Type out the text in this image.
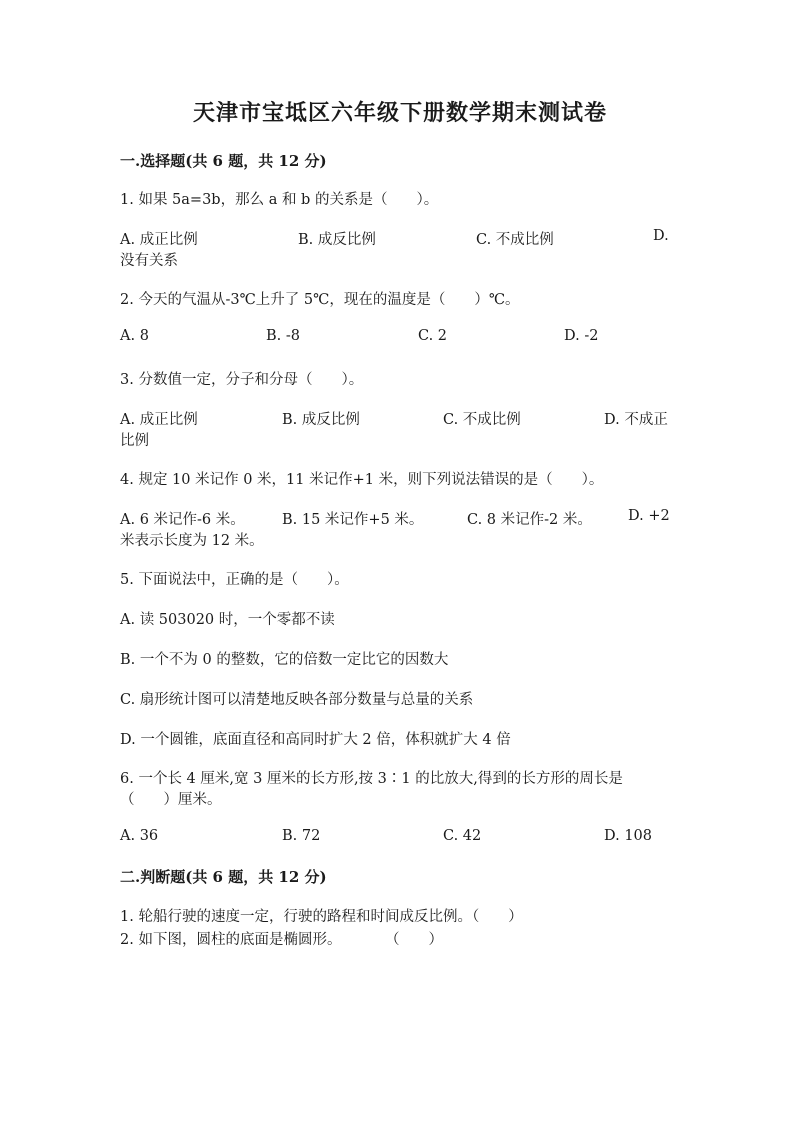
天津市宝坻区六年级下册数学期末测试卷
一.选择题(共 6 题，共 12 分)
1. 如果 5a=3b，那么 a 和 b 的关系是（　　）。
A. 成正比例	B. 成反比例	C. 不成比例	D.
没有关系
2. 今天的气温从-3℃上升了 5℃，现在的温度是（　　）℃。
A. 8	B. -8	C. 2	D. -2
3. 分数值一定，分子和分母（　　）。
A. 成正比例	B. 成反比例	C. 不成比例	D. 不成正
比例
4. 规定 10 米记作 0 米，11 米记作+1 米，则下列说法错误的是（　　）。
A. 6 米记作-6 米。	B. 15 米记作+5 米。	C. 8 米记作-2 米。 D. +2
米表示长度为 12 米。
5. 下面说法中，正确的是（　　）。
A. 读 503020 时，一个零都不读
B. 一个不为 0 的整数，它的倍数一定比它的因数大
C. 扇形统计图可以清楚地反映各部分数量与总量的关系
D. 一个圆锥，底面直径和高同时扩大 2 倍，体积就扩大 4 倍
6. 一个长 4 厘米,宽 3 厘米的长方形,按 3∶1 的比放大,得到的长方形的周长是
（　　）厘米。
A. 36	B. 72	C. 42	D. 108
二.判断题(共 6 题，共 12 分)
1. 轮船行驶的速度一定，行驶的路程和时间成反比例。（　　）
2. 如下图，圆柱的底面是椭圆形。　　　　（　　）
